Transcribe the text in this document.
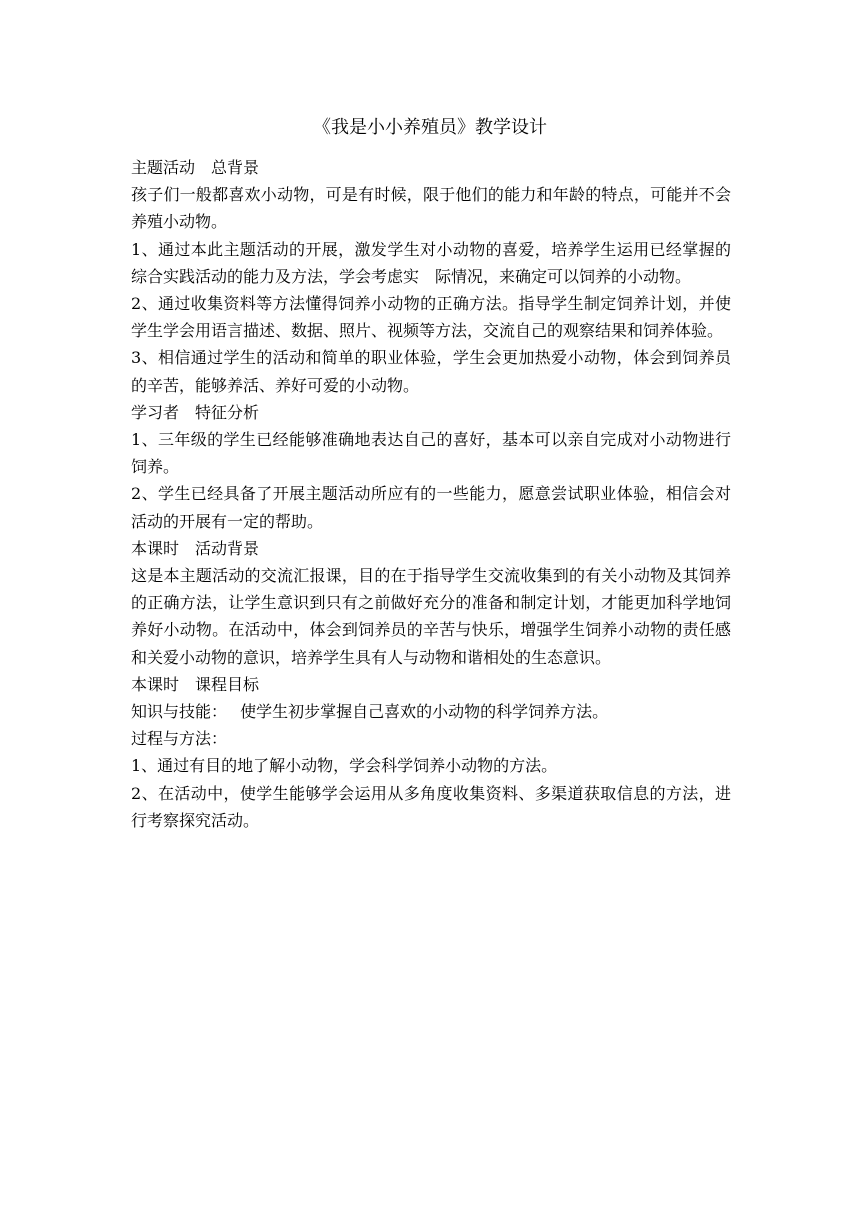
《我是小小养殖员》教学设计

主题活动　总背景

孩子们一般都喜欢小动物，可是有时候，限于他们的能力和年龄的特点，可能并不会养殖小动物。

1、通过本此主题活动的开展，激发学生对小动物的喜爱，培养学生运用已经掌握的综合实践活动的能力及方法，学会考虑实　际情况，来确定可以饲养的小动物。

2、通过收集资料等方法懂得饲养小动物的正确方法。指导学生制定饲养计划，并使学生学会用语言描述、数据、照片、视频等方法，交流自己的观察结果和饲养体验。

3、相信通过学生的活动和简单的职业体验，学生会更加热爱小动物，体会到饲养员的辛苦，能够养活、养好可爱的小动物。

学习者　特征分析

1、三年级的学生已经能够准确地表达自己的喜好，基本可以亲自完成对小动物进行饲养。

2、学生已经具备了开展主题活动所应有的一些能力，愿意尝试职业体验，相信会对活动的开展有一定的帮助。

本课时　活动背景

这是本主题活动的交流汇报课，目的在于指导学生交流收集到的有关小动物及其饲养的正确方法，让学生意识到只有之前做好充分的准备和制定计划，才能更加科学地饲养好小动物。在活动中，体会到饲养员的辛苦与快乐，增强学生饲养小动物的责任感和关爱小动物的意识，培养学生具有人与动物和谐相处的生态意识。

本课时　课程目标

知识与技能：　 使学生初步掌握自己喜欢的小动物的科学饲养方法。

过程与方法：

1、通过有目的地了解小动物，学会科学饲养小动物的方法。

2、在活动中，使学生能够学会运用从多角度收集资料、多渠道获取信息的方法，进行考察探究活动。
